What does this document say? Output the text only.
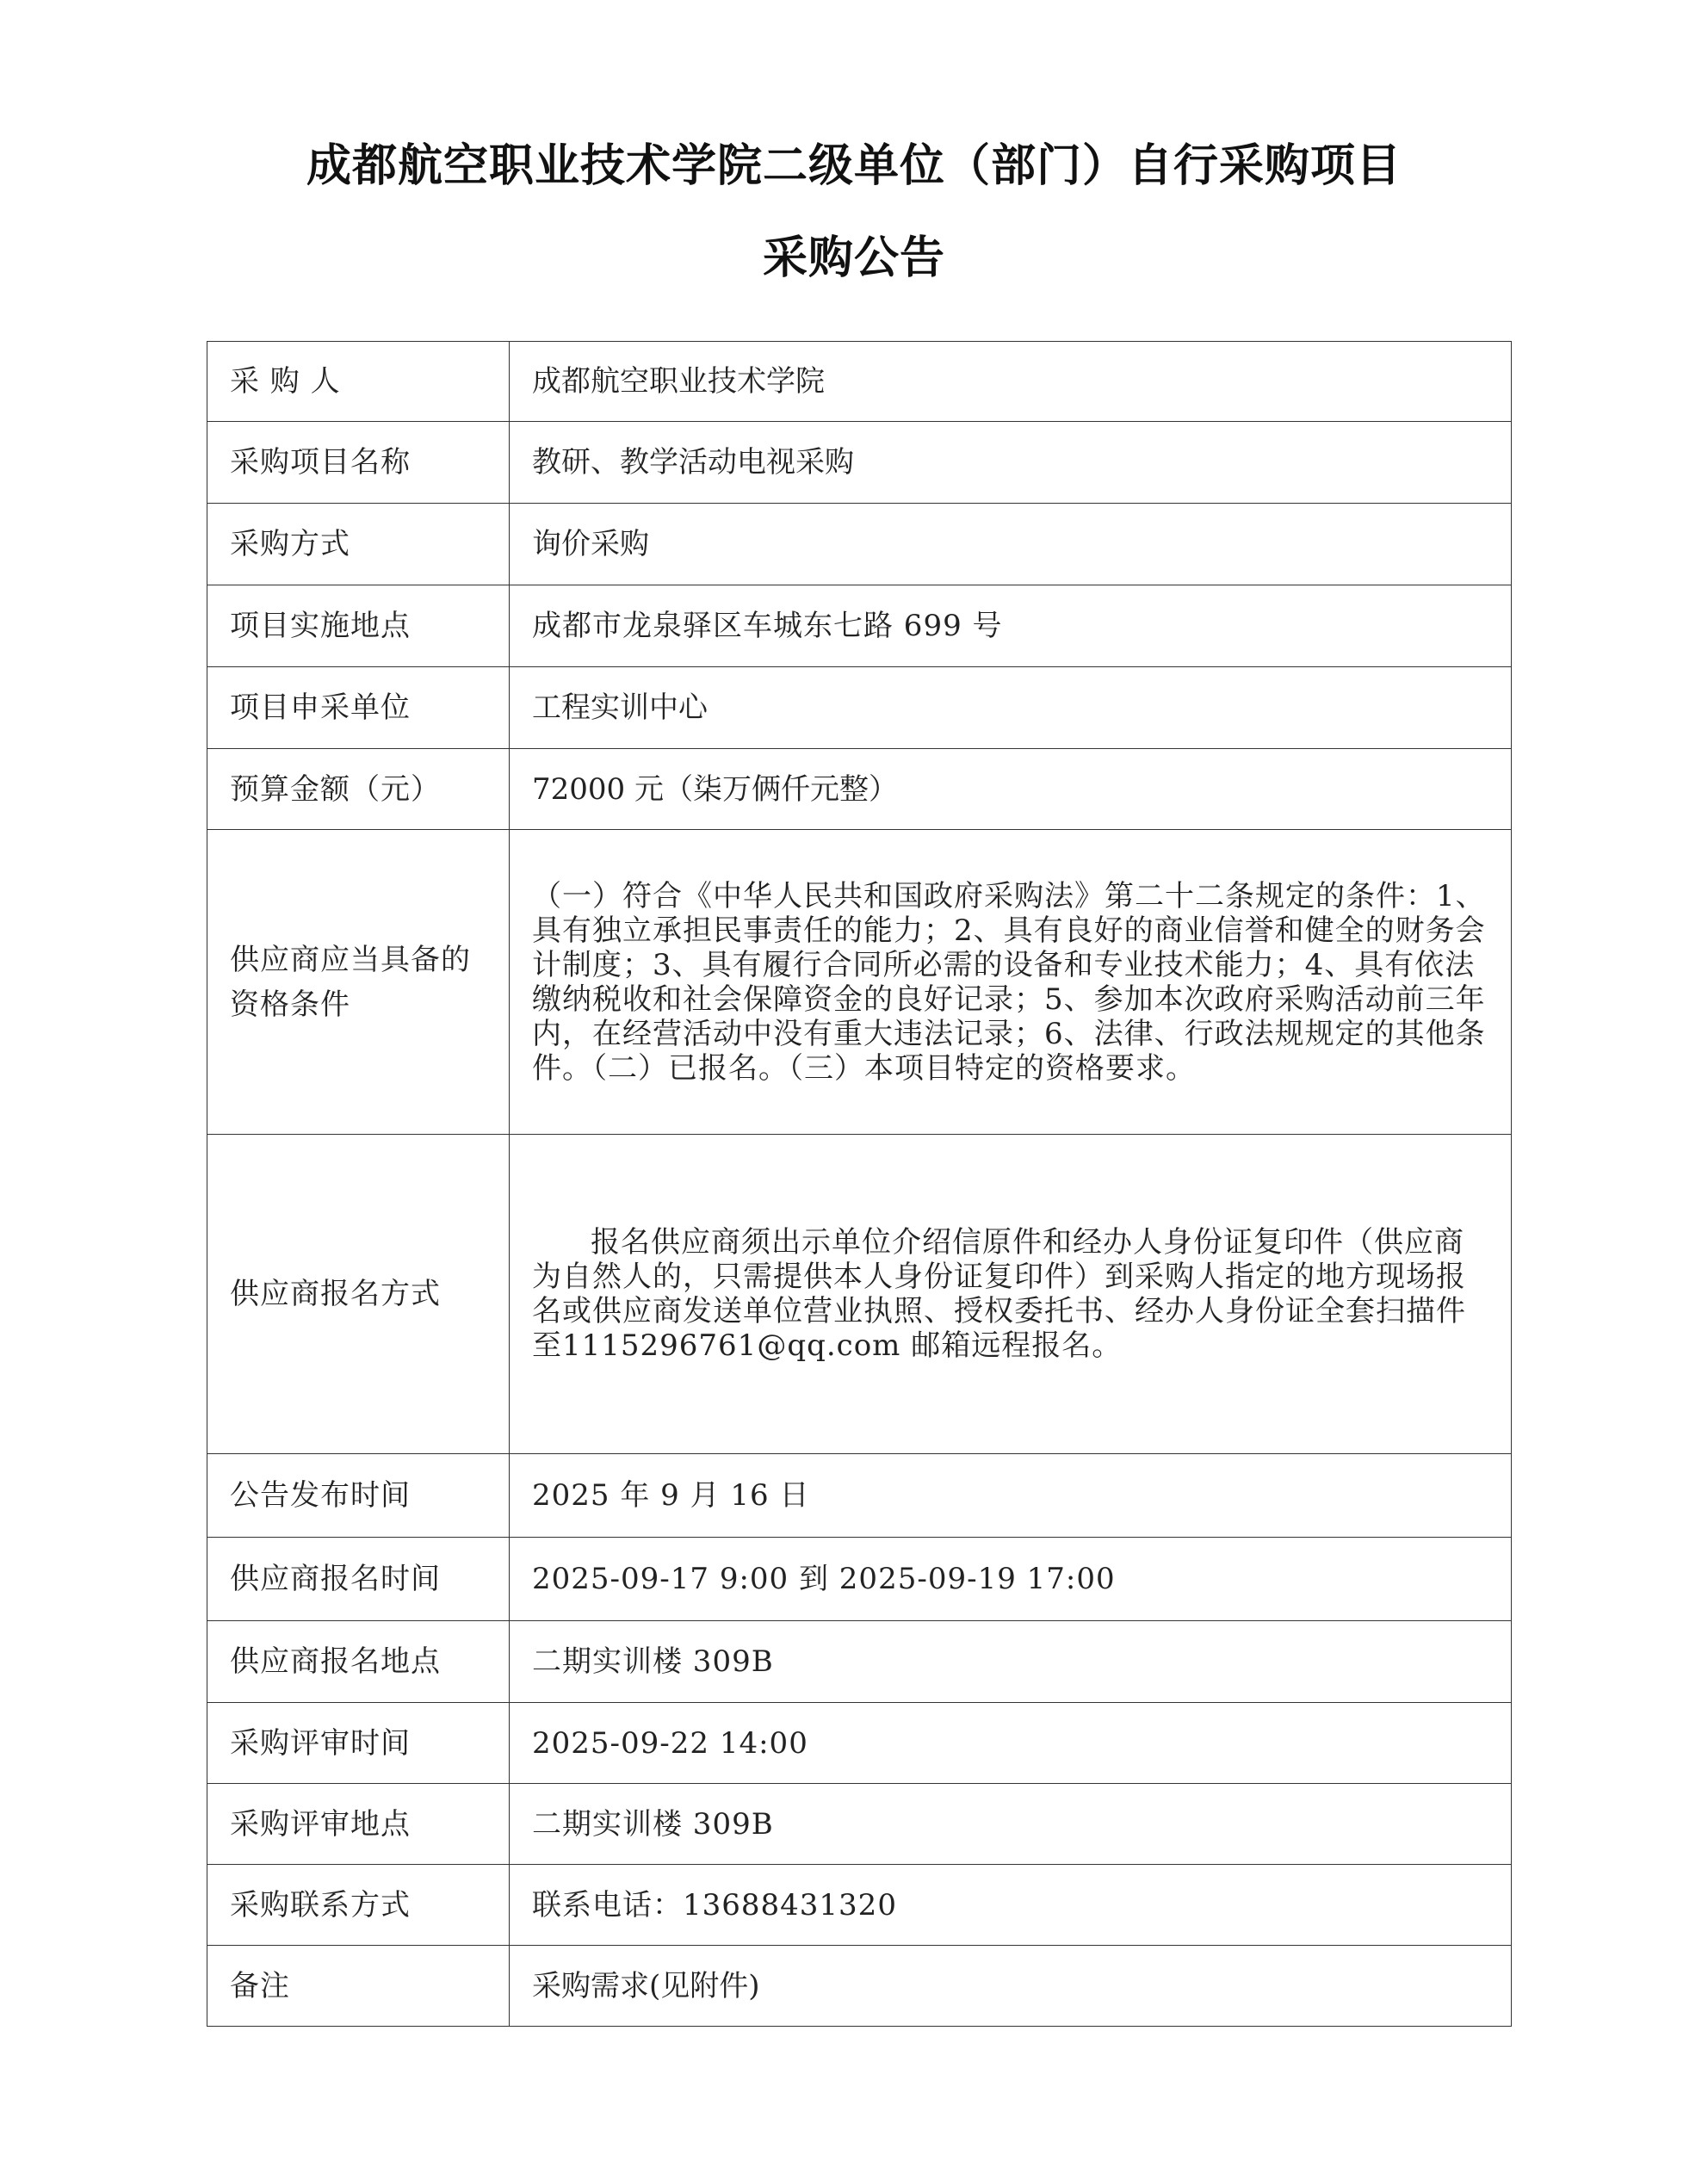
成都航空职业技术学院二级单位（部门）自行采购项目
采购公告
采 购 人	成都航空职业技术学院
采购项目名称	教研、教学活动电视采购
采购方式	询价采购
项目实施地点	成都市龙泉驿区车城东七路 699 号
项目申采单位	工程实训中心
预算金额（元）	72000 元（柒万俩仟元整）
供应商应当具备的资格条件	（一）符合《中华人民共和国政府采购法》第二十二条规定的条件：1、具有独立承担民事责任的能力；2、具有良好的商业信誉和健全的财务会计制度；3、具有履行合同所必需的设备和专业技术能力；4、具有依法缴纳税收和社会保障资金的良好记录；5、参加本次政府采购活动前三年内，在经营活动中没有重大违法记录；6、法律、行政法规规定的其他条件。（二）已报名。（三）本项目特定的资格要求。
供应商报名方式	报名供应商须出示单位介绍信原件和经办人身份证复印件（供应商为自然人的，只需提供本人身份证复印件）到采购人指定的地方现场报名或供应商发送单位营业执照、授权委托书、经办人身份证全套扫描件至1115296761@qq.com 邮箱远程报名。
公告发布时间	2025 年 9 月 16 日
供应商报名时间	2025-09-17 9:00 到 2025-09-19 17:00
供应商报名地点	二期实训楼 309B
采购评审时间	2025-09-22 14:00
采购评审地点	二期实训楼 309B
采购联系方式	联系电话：13688431320
备注	采购需求(见附件)
